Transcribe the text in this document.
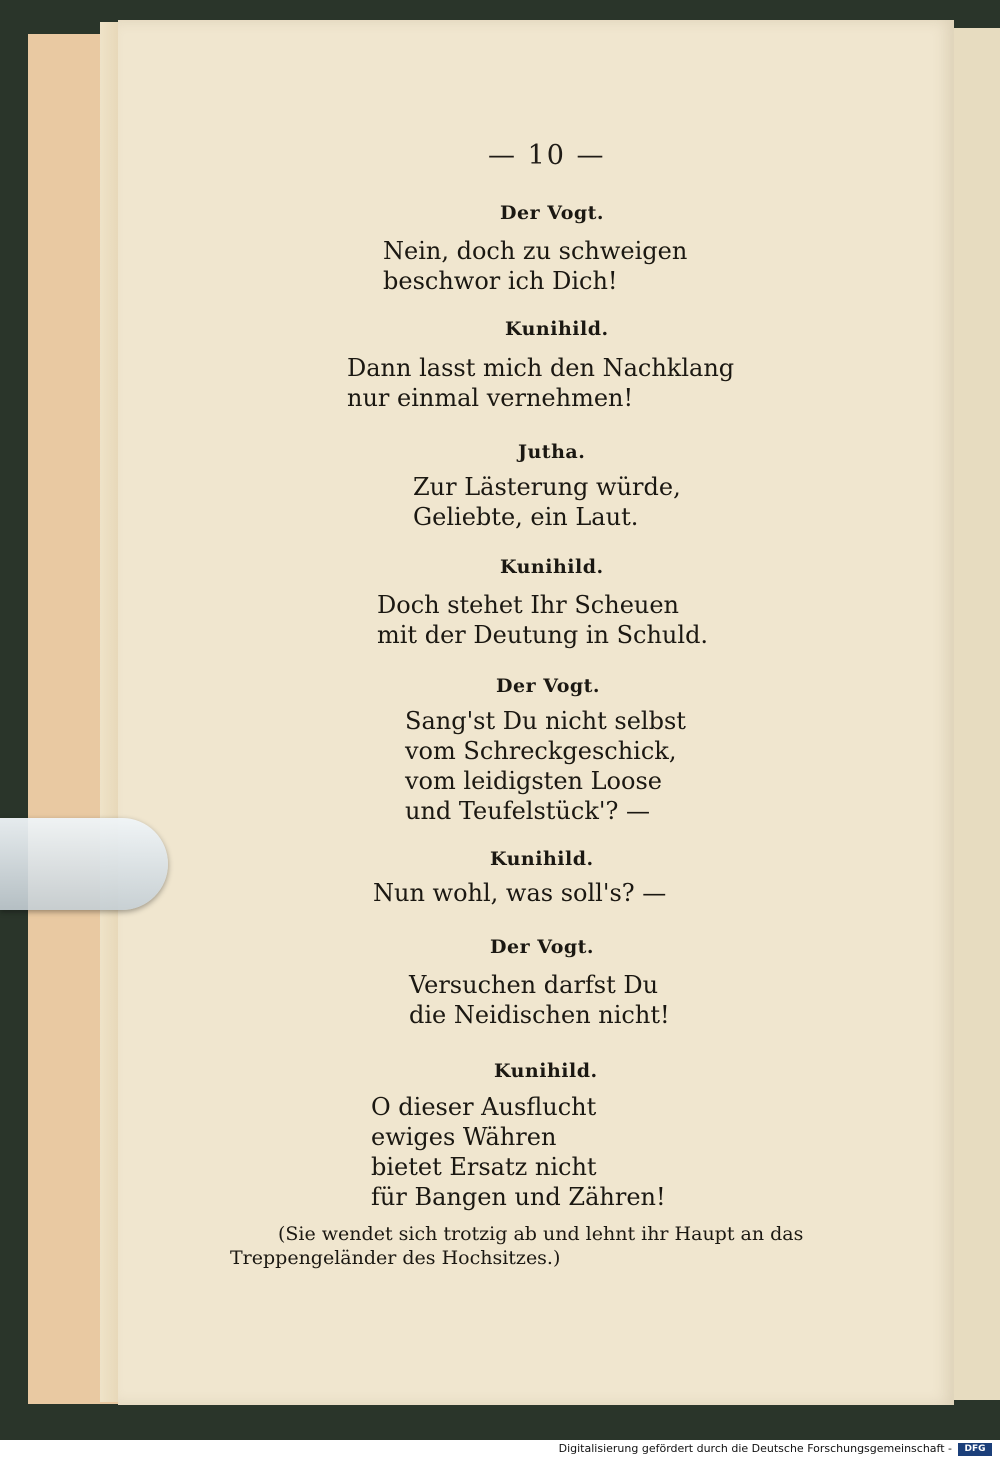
— 10 —
Der Vogt.
Nein, doch zu schweigen
beschwor ich Dich!
Kunihild.
Dann lasst mich den Nachklang
nur einmal vernehmen!
Jutha.
Zur Lästerung würde,
Geliebte, ein Laut.
Kunihild.
Doch stehet Ihr Scheuen
mit der Deutung in Schuld.
Der Vogt.
Sang'st Du nicht selbst
vom Schreckgeschick,
vom leidigsten Loose
und Teufelstück'? —
Kunihild.
Nun wohl, was soll's? —
Der Vogt.
Versuchen darfst Du
die Neidischen nicht!
Kunihild.
O dieser Ausflucht
ewiges Währen
bietet Ersatz nicht
für Bangen und Zähren!
(Sie wendet sich trotzig ab und lehnt ihr Haupt an das
Treppengeländer des Hochsitzes.)
Digitalisierung gefördert durch die Deutsche Forschungsgemeinschaft -	DFG
